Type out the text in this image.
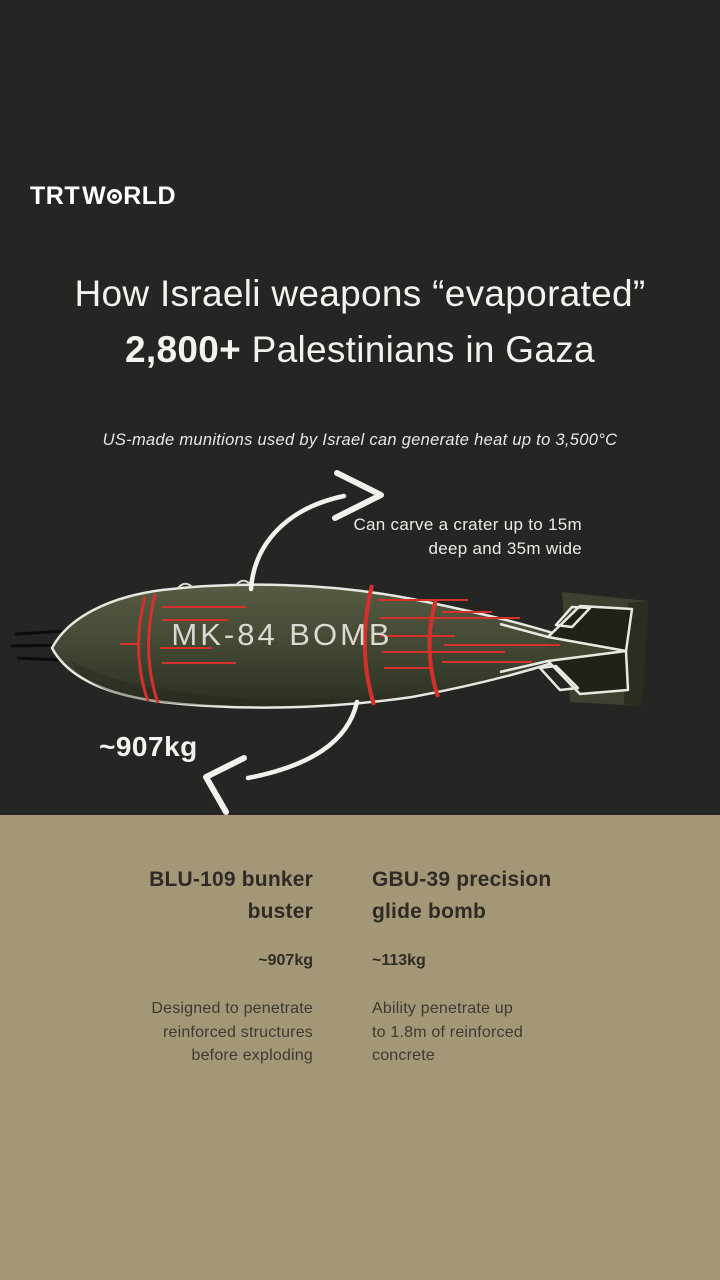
TRT W RLD
How Israeli weapons “evaporated”
2,800+ Palestinians in Gaza

US-made munitions used by Israel can generate heat up to 3,500°C

Can carve a crater up to 15m
deep and 35m wide
MK-84 BOMB
~907kg
BLU-109 bunker
buster
~907kg
Designed to penetrate
reinforced structures
before exploding
GBU-39 precision
glide bomb
~113kg
Ability penetrate up
to 1.8m of reinforced
concrete
